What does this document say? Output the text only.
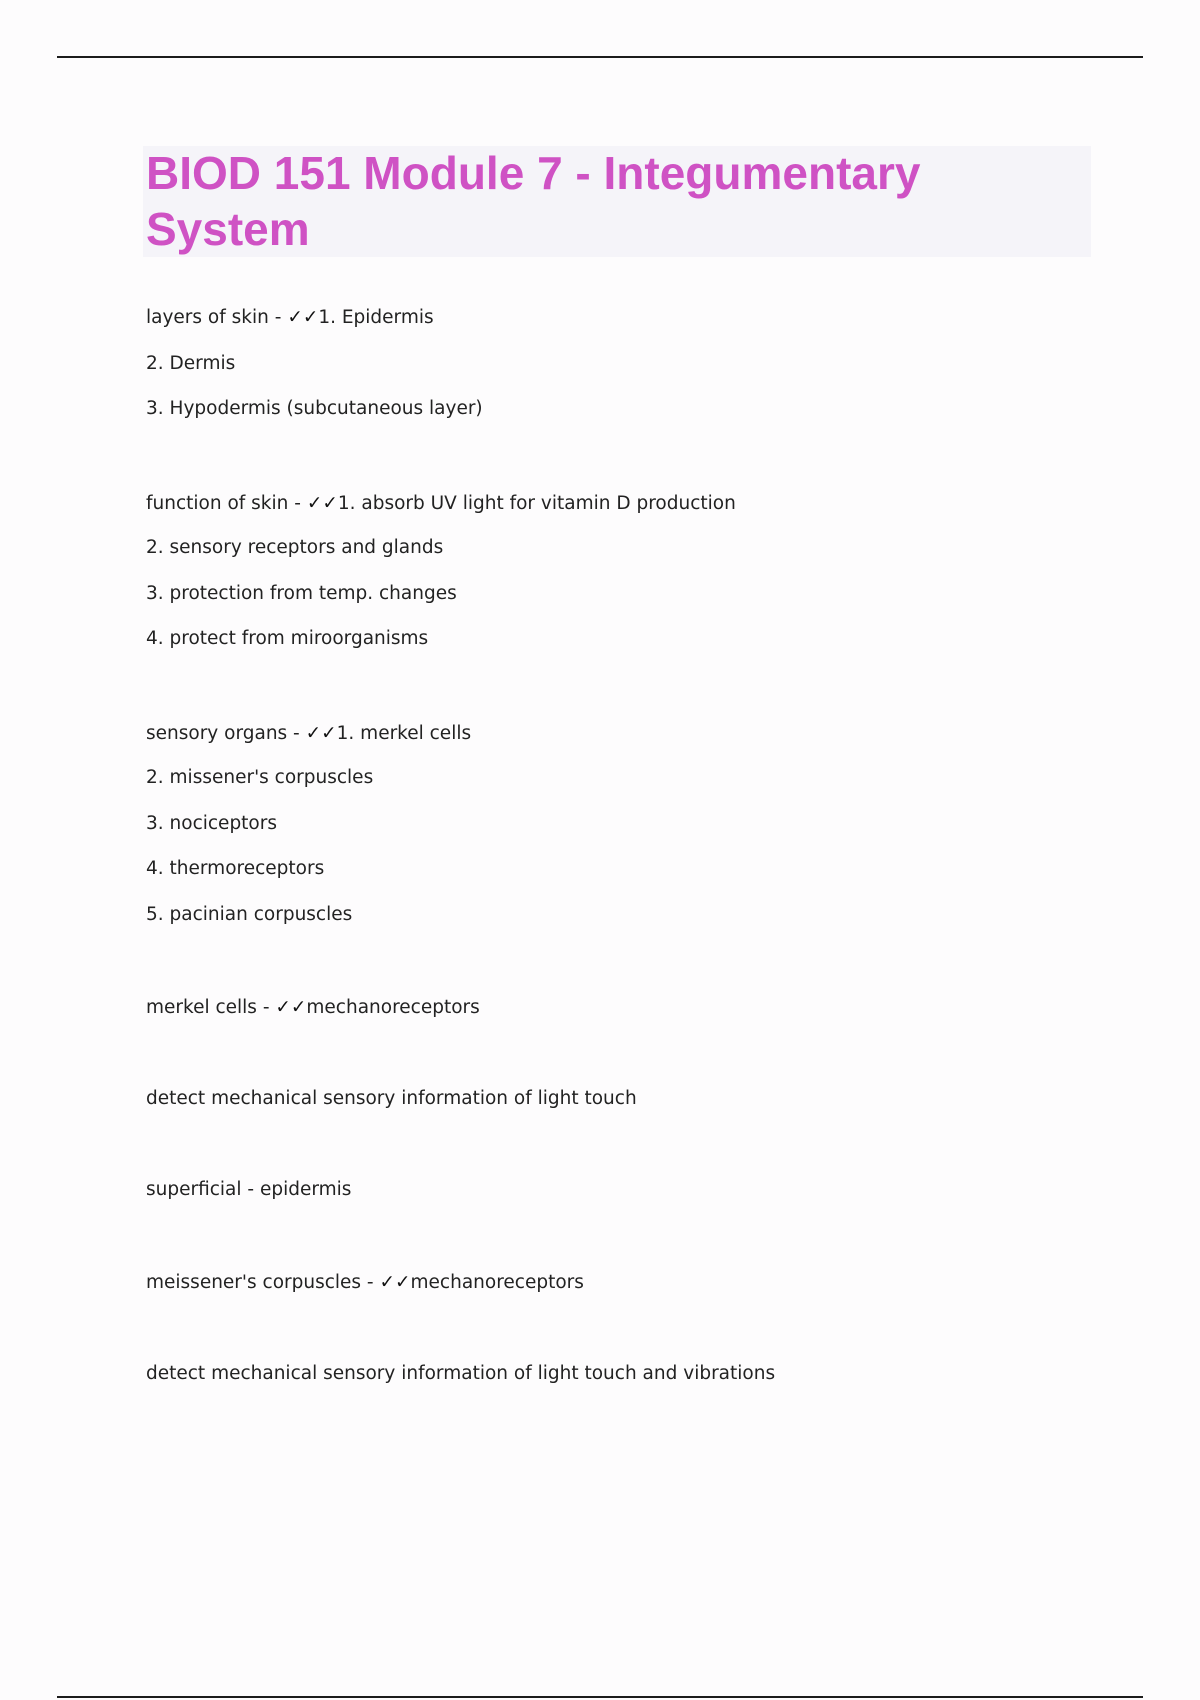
BIOD 151 Module 7 - Integumentary System

layers of skin - ✓✓1. Epidermis

2. Dermis

3. Hypodermis (subcutaneous layer)

function of skin - ✓✓1. absorb UV light for vitamin D production

2. sensory receptors and glands

3. protection from temp. changes

4. protect from miroorganisms

sensory organs - ✓✓1. merkel cells

2. missener's corpuscles

3. nociceptors

4. thermoreceptors

5. pacinian corpuscles

merkel cells - ✓✓mechanoreceptors

detect mechanical sensory information of light touch

superficial - epidermis

meissener's corpuscles - ✓✓mechanoreceptors

detect mechanical sensory information of light touch and vibrations
